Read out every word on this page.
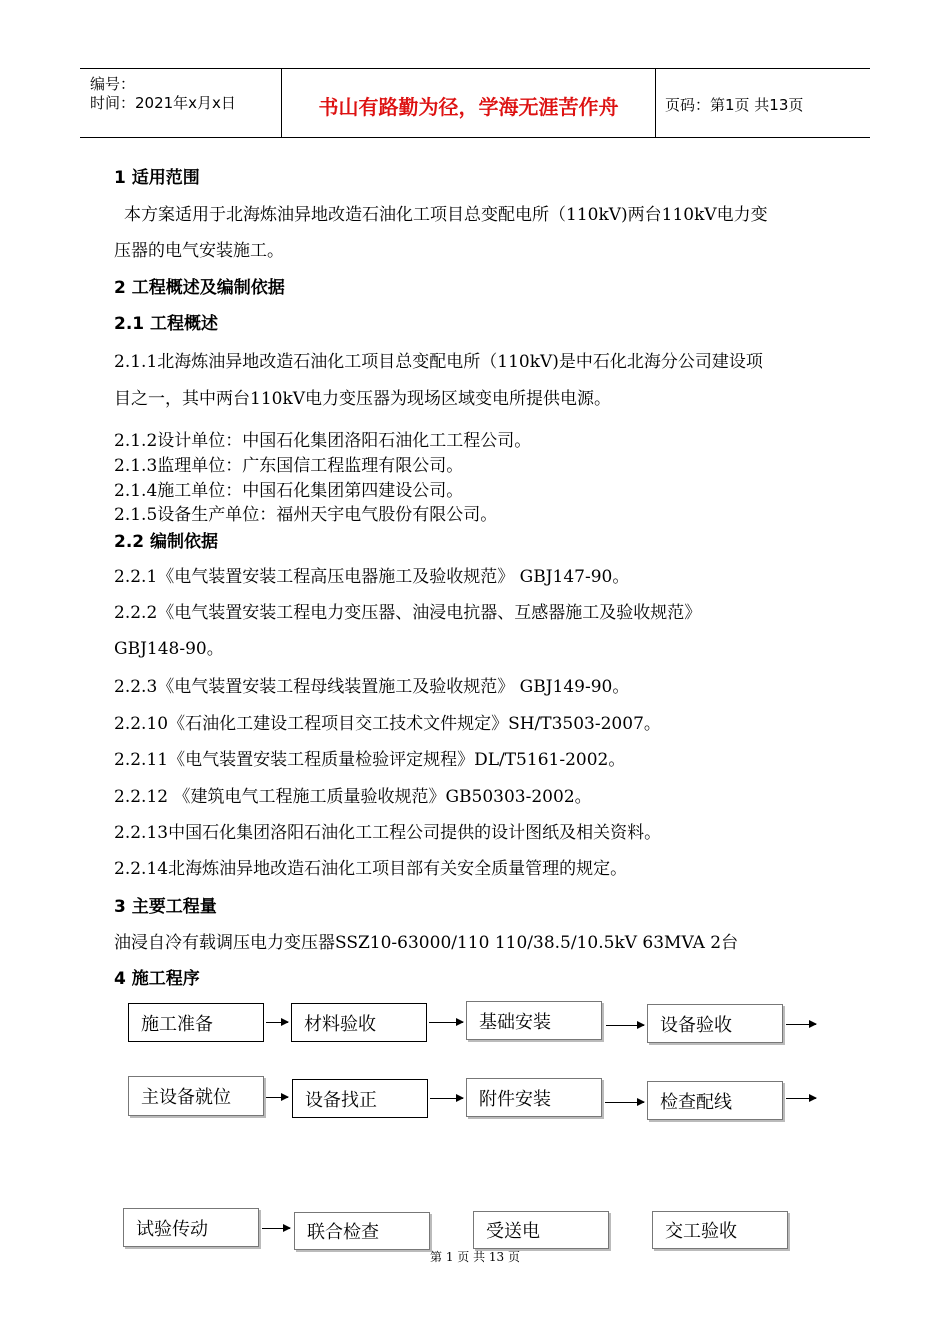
编号：
时间：2021年x月x日	书山有路勤为径，学海无涯苦作舟	页码：第1页 共13页
1 适用范围
本方案适用于北海炼油异地改造石油化工项目总变配电所（110kV)两台110kV电力变
压器的电气安装施工。
2 工程概述及编制依据
2.1 工程概述
2.1.1北海炼油异地改造石油化工项目总变配电所（110kV)是中石化北海分公司建设项
目之一，其中两台110kV电力变压器为现场区域变电所提供电源。
2.1.2设计单位：中国石化集团洛阳石油化工工程公司。
2.1.3监理单位：广东国信工程监理有限公司。
2.1.4施工单位：中国石化集团第四建设公司。
2.1.5设备生产单位：福州天宇电气股份有限公司。
2.2 编制依据
2.2.1《电气装置安装工程高压电器施工及验收规范》 GBJ147-90。
2.2.2《电气装置安装工程电力变压器、油浸电抗器、互感器施工及验收规范》
GBJ148-90。
2.2.3《电气装置安装工程母线装置施工及验收规范》 GBJ149-90。
2.2.10《石油化工建设工程项目交工技术文件规定》SH/T3503-2007。
2.2.11《电气装置安装工程质量检验评定规程》DL/T5161-2002。
2.2.12 《建筑电气工程施工质量验收规范》GB50303-2002。
2.2.13中国石化集团洛阳石油化工工程公司提供的设计图纸及相关资料。
2.2.14北海炼油异地改造石油化工项目部有关安全质量管理的规定。
3 主要工程量
油浸自冷有载调压电力变压器SSZ10-63000/110 110/38.5/10.5kV 63MVA 2台
4 施工程序
施工准备	材料验收	基础安装	设备验收
主设备就位	设备找正	附件安装	检查配线
试验传动	联合检查	受送电	交工验收
第 1 页 共 13 页
